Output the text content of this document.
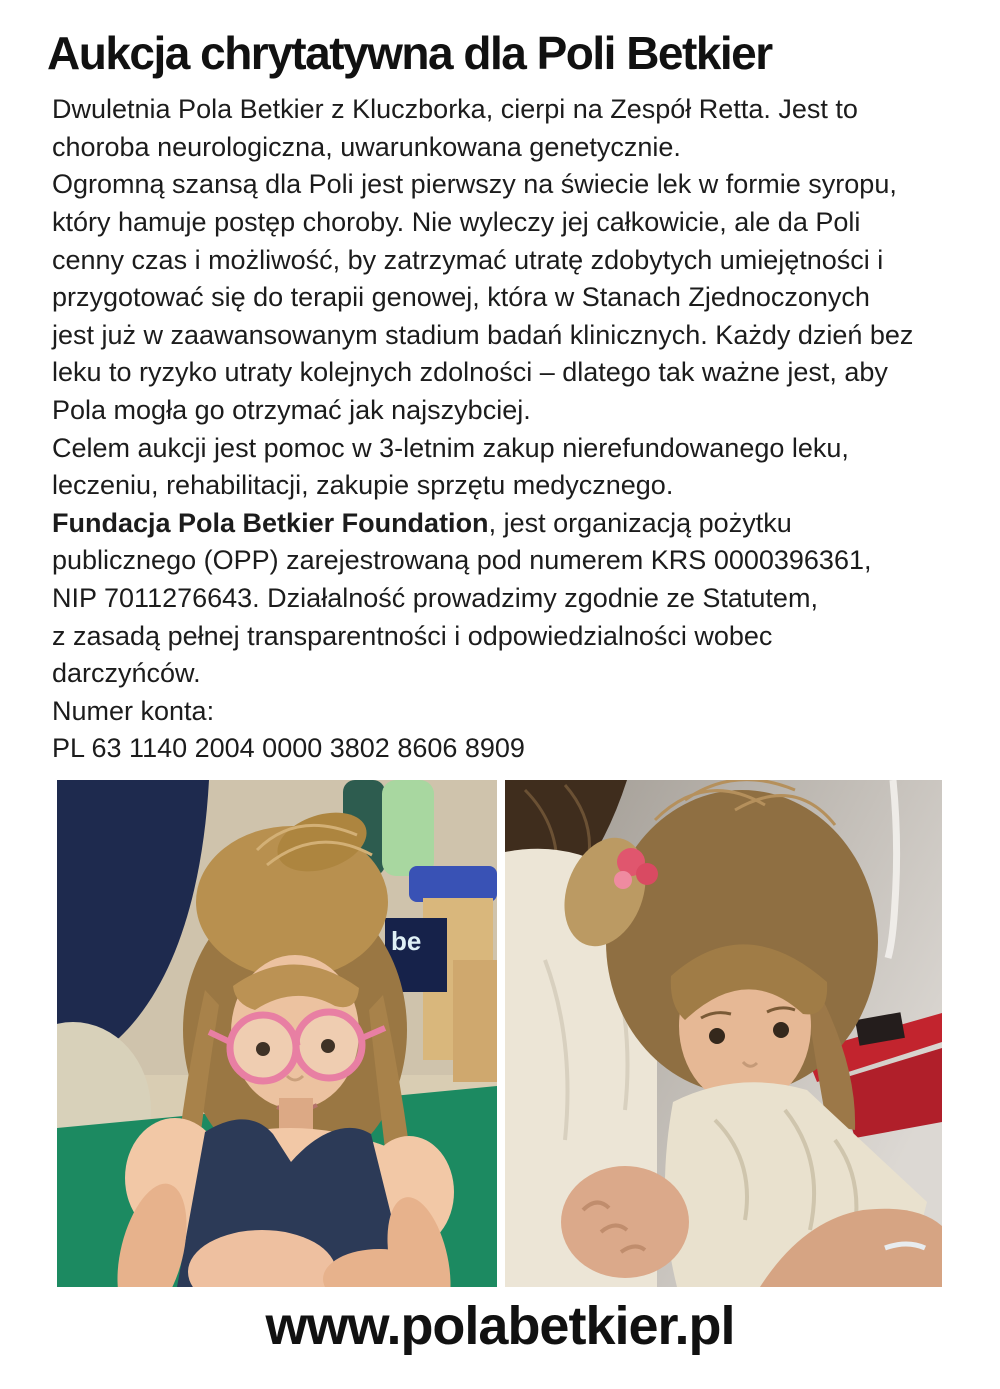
Aukcja chrytatywna dla Poli Betkier
Dwuletnia Pola Betkier z Kluczborka, cierpi na Zespół Retta. Jest to
choroba neurologiczna, uwarunkowana genetycznie.
Ogromną szansą dla Poli jest pierwszy na świecie lek w formie syropu,
który hamuje postęp choroby. Nie wyleczy jej całkowicie, ale da Poli
cenny czas i możliwość, by zatrzymać utratę zdobytych umiejętności i
przygotować się do terapii genowej, która w Stanach Zjednoczonych
jest już w zaawansowanym stadium badań klinicznych. Każdy dzień bez
leku to ryzyko utraty kolejnych zdolności – dlatego tak ważne jest, aby
Pola mogła go otrzymać jak najszybciej.
Celem aukcji jest pomoc w 3-letnim zakup nierefundowanego leku,
leczeniu, rehabilitacji, zakupie sprzętu medycznego.
Fundacja Pola Betkier Foundation, jest organizacją pożytku
publicznego (OPP) zarejestrowaną pod numerem KRS 0000396361,
NIP 7011276643. Działalność prowadzimy zgodnie ze Statutem,
z zasadą pełnej transparentności i odpowiedzialności wobec
darczyńców.
Numer konta:
PL 63 1140 2004 0000 3802 8606 8909
be
www.polabetkier.pl
